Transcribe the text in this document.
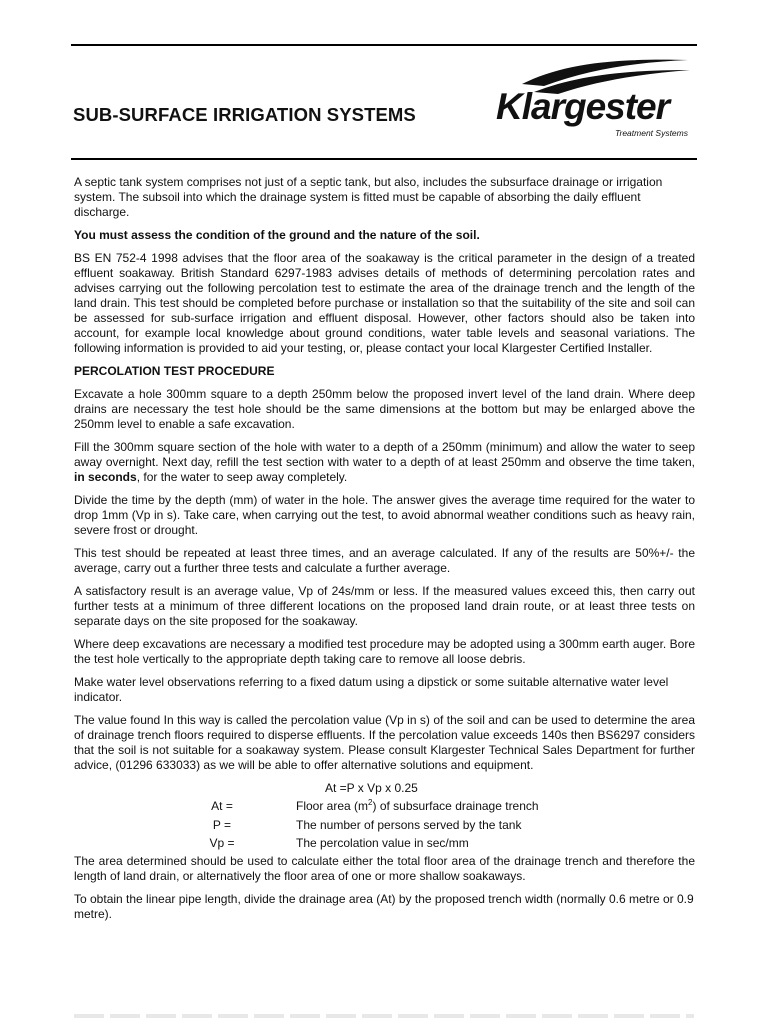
SUB-SURFACE IRRIGATION SYSTEMS Klargester
Treatment Systems

A septic tank system comprises not just of a septic tank, but also, includes the subsurface drainage or irrigation system. The subsoil into which the drainage system is fitted must be capable of absorbing the daily effluent discharge.

You must assess the condition of the ground and the nature of the soil.

BS EN 752-4 1998 advises that the floor area of the soakaway is the critical parameter in the design of a treated effluent soakaway. British Standard 6297-1983 advises details of methods of determining percolation rates and advises carrying out the following percolation test to estimate the area of the drainage trench and the length of the land drain. This test should be completed before purchase or installation so that the suitability of the site and soil can be assessed for sub-surface irrigation and effluent disposal. However, other factors should also be taken into account, for example local knowledge about ground conditions, water table levels and seasonal variations. The following information is provided to aid your testing, or, please contact your local Klargester Certified Installer.

PERCOLATION TEST PROCEDURE

Excavate a hole 300mm square to a depth 250mm below the proposed invert level of the land drain. Where deep drains are necessary the test hole should be the same dimensions at the bottom but may be enlarged above the 250mm level to enable a safe excavation.

Fill the 300mm square section of the hole with water to a depth of a 250mm (minimum) and allow the water to seep away overnight. Next day, refill the test section with water to a depth of at least 250mm and observe the time taken, in seconds, for the water to seep away completely.

Divide the time by the depth (mm) of water in the hole. The answer gives the average time required for the water to drop 1mm (Vp in s). Take care, when carrying out the test, to avoid abnormal weather conditions such as heavy rain, severe frost or drought.

This test should be repeated at least three times, and an average calculated. If any of the results are 50%+/- the average, carry out a further three tests and calculate a further average.

A satisfactory result is an average value, Vp of 24s/mm or less. If the measured values exceed this, then carry out further tests at a minimum of three different locations on the proposed land drain route, or at least three tests on separate days on the site proposed for the soakaway.

Where deep excavations are necessary a modified test procedure may be adopted using a 300mm earth auger. Bore the test hole vertically to the appropriate depth taking care to remove all loose debris.

Make water level observations referring to a fixed datum using a dipstick or some suitable alternative water level indicator.

The value found In this way is called the percolation value (Vp in s) of the soil and can be used to determine the area of drainage trench floors required to disperse effluents. If the percolation value exceeds 140s then BS6297 considers that the soil is not suitable for a soakaway system. Please consult Klargester Technical Sales Department for further advice, (01296 633033) as we will be able to offer alternative solutions and equipment.

At =P x Vp x 0.25
At =	Floor area $(m^2)$ of subsurface drainage trench
P =	The number of persons served by the tank
Vp =	The percolation value in sec/mm

The area determined should be used to calculate either the total floor area of the drainage trench and therefore the length of land drain, or alternatively the floor area of one or more shallow soakaways.

To obtain the linear pipe length, divide the drainage area (At) by the proposed trench width (normally 0.6 metre or 0.9 metre).
